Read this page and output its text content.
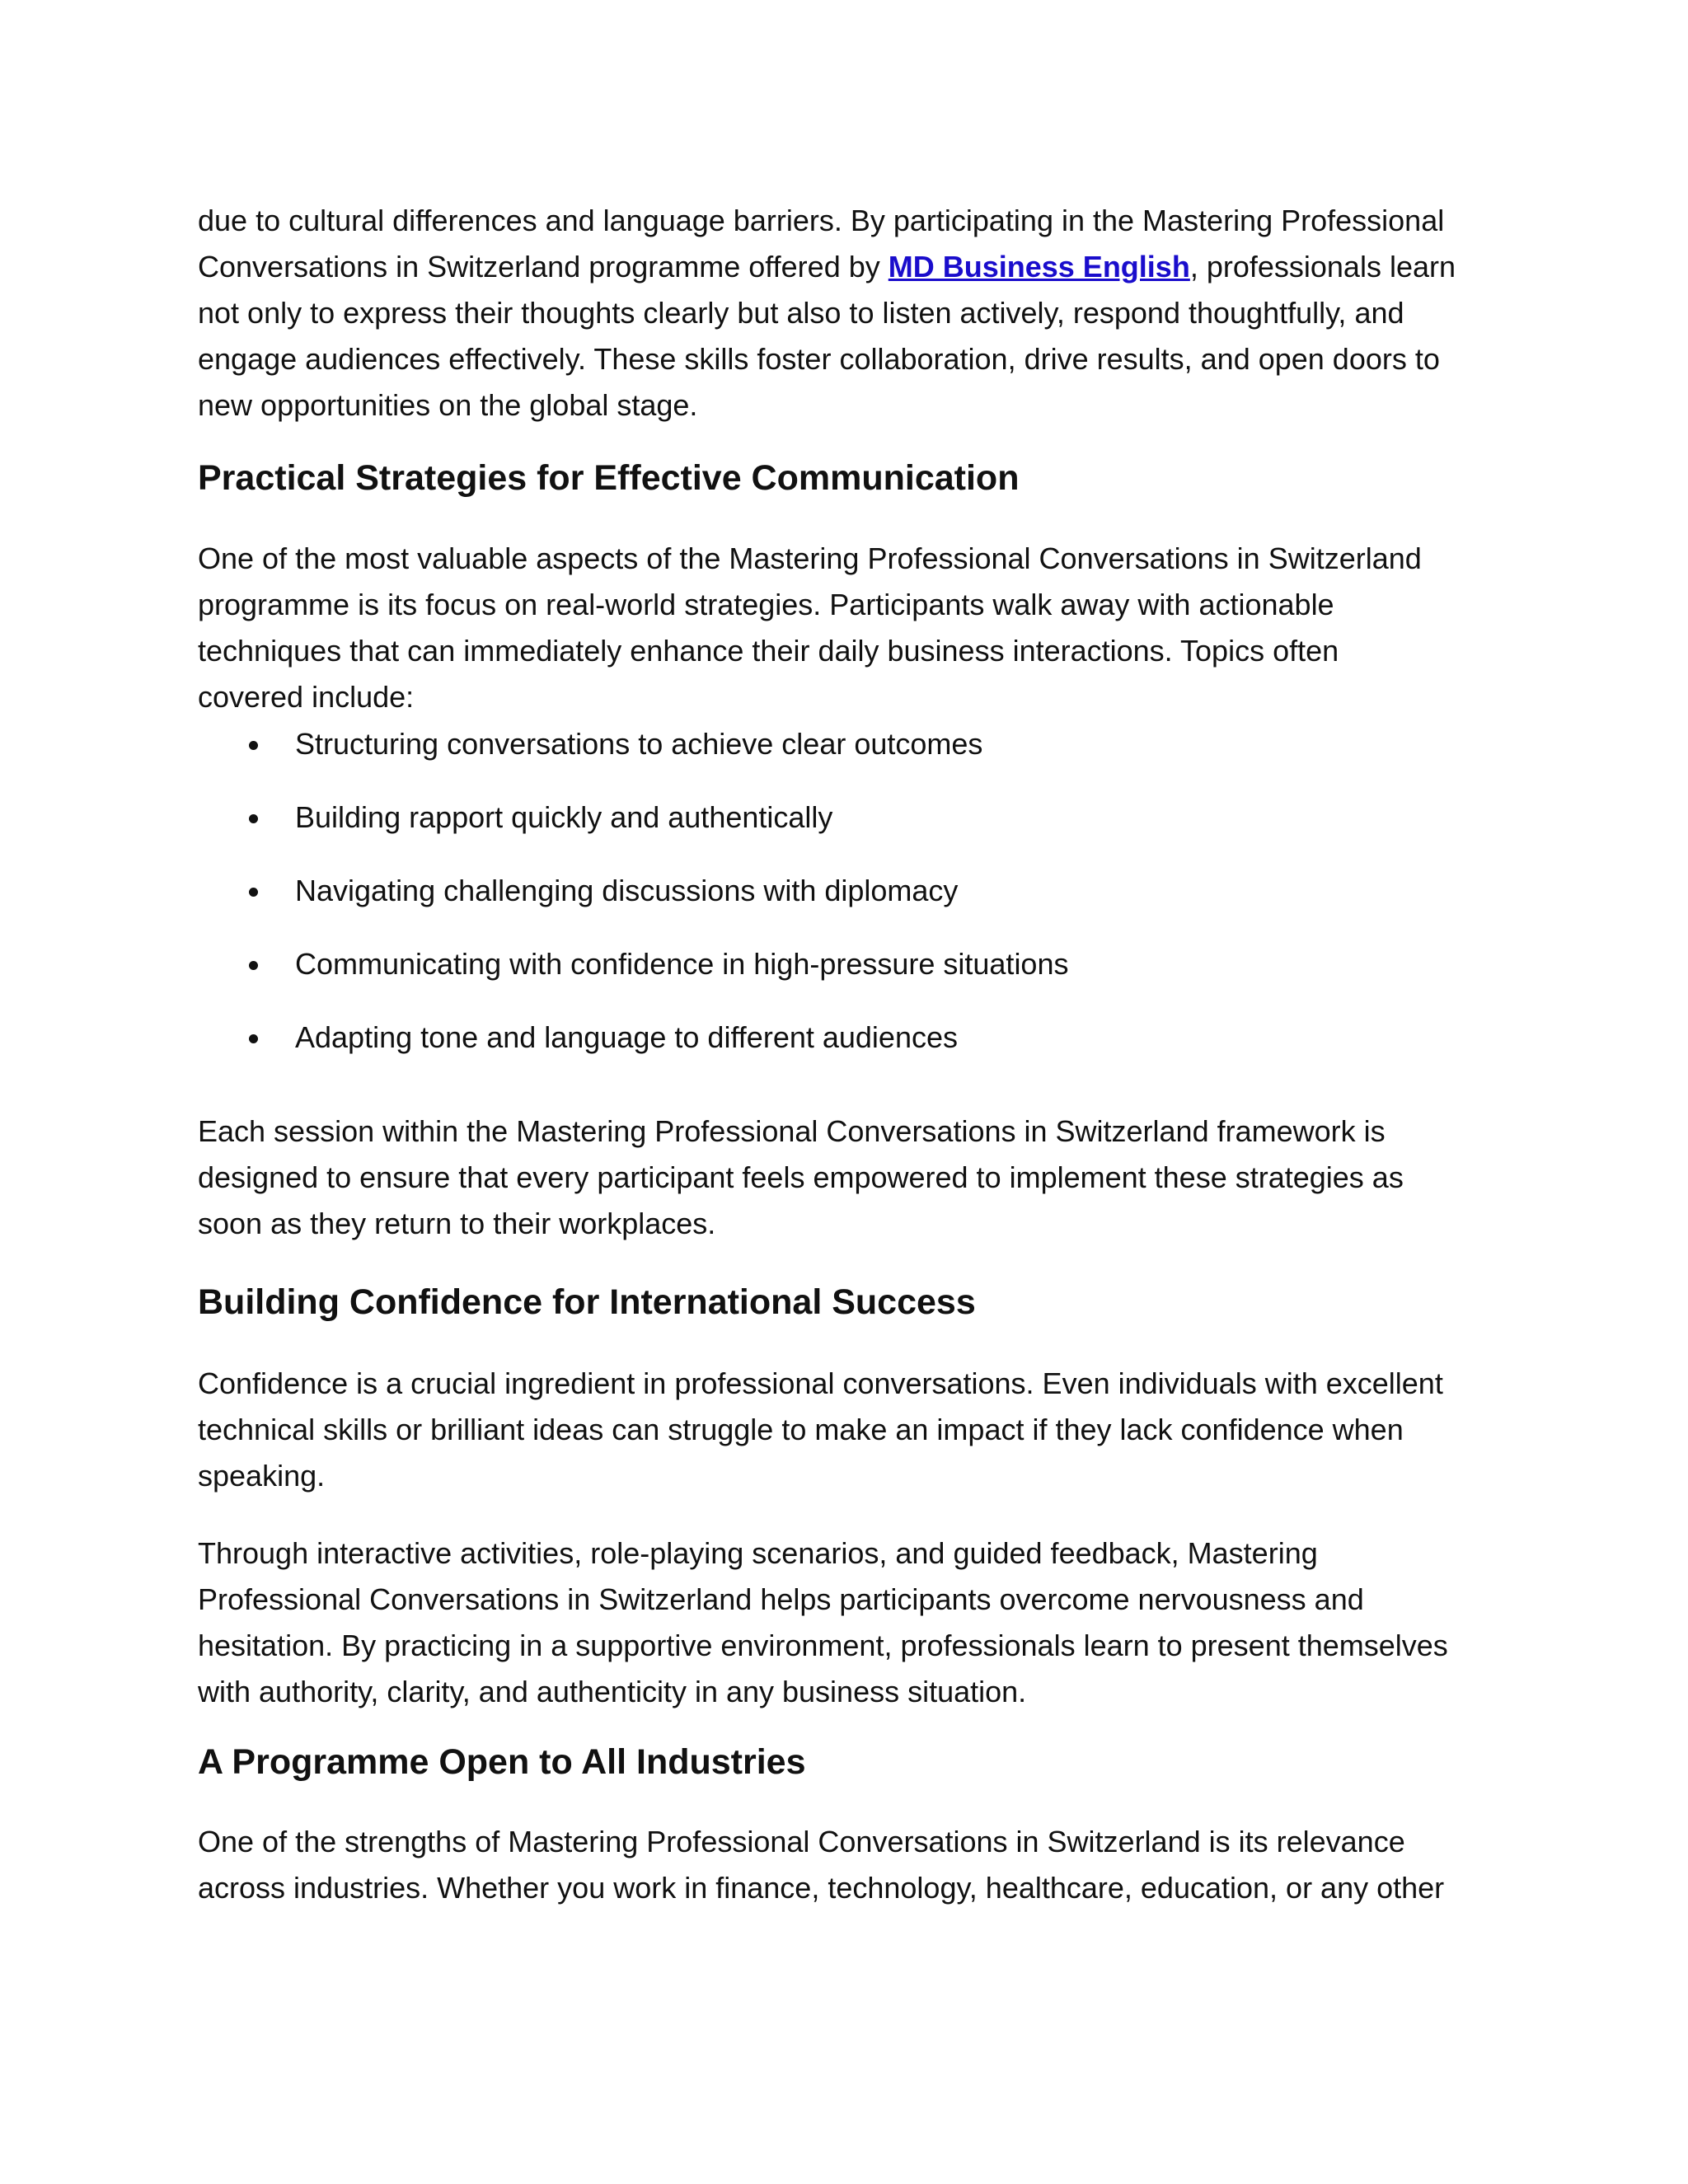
due to cultural differences and language barriers. By participating in the Mastering Professional
Conversations in Switzerland programme offered by MD Business English, professionals learn
not only to express their thoughts clearly but also to listen actively, respond thoughtfully, and
engage audiences effectively. These skills foster collaboration, drive results, and open doors to
new opportunities on the global stage.

Practical Strategies for Effective Communication

One of the most valuable aspects of the Mastering Professional Conversations in Switzerland
programme is its focus on real-world strategies. Participants walk away with actionable
techniques that can immediately enhance their daily business interactions. Topics often
covered include:

Structuring conversations to achieve clear outcomes
Building rapport quickly and authentically
Navigating challenging discussions with diplomacy
Communicating with confidence in high-pressure situations
Adapting tone and language to different audiences

Each session within the Mastering Professional Conversations in Switzerland framework is
designed to ensure that every participant feels empowered to implement these strategies as
soon as they return to their workplaces.

Building Confidence for International Success

Confidence is a crucial ingredient in professional conversations. Even individuals with excellent
technical skills or brilliant ideas can struggle to make an impact if they lack confidence when
speaking.

Through interactive activities, role-playing scenarios, and guided feedback, Mastering
Professional Conversations in Switzerland helps participants overcome nervousness and
hesitation. By practicing in a supportive environment, professionals learn to present themselves
with authority, clarity, and authenticity in any business situation.

A Programme Open to All Industries

One of the strengths of Mastering Professional Conversations in Switzerland is its relevance
across industries. Whether you work in finance, technology, healthcare, education, or any other
